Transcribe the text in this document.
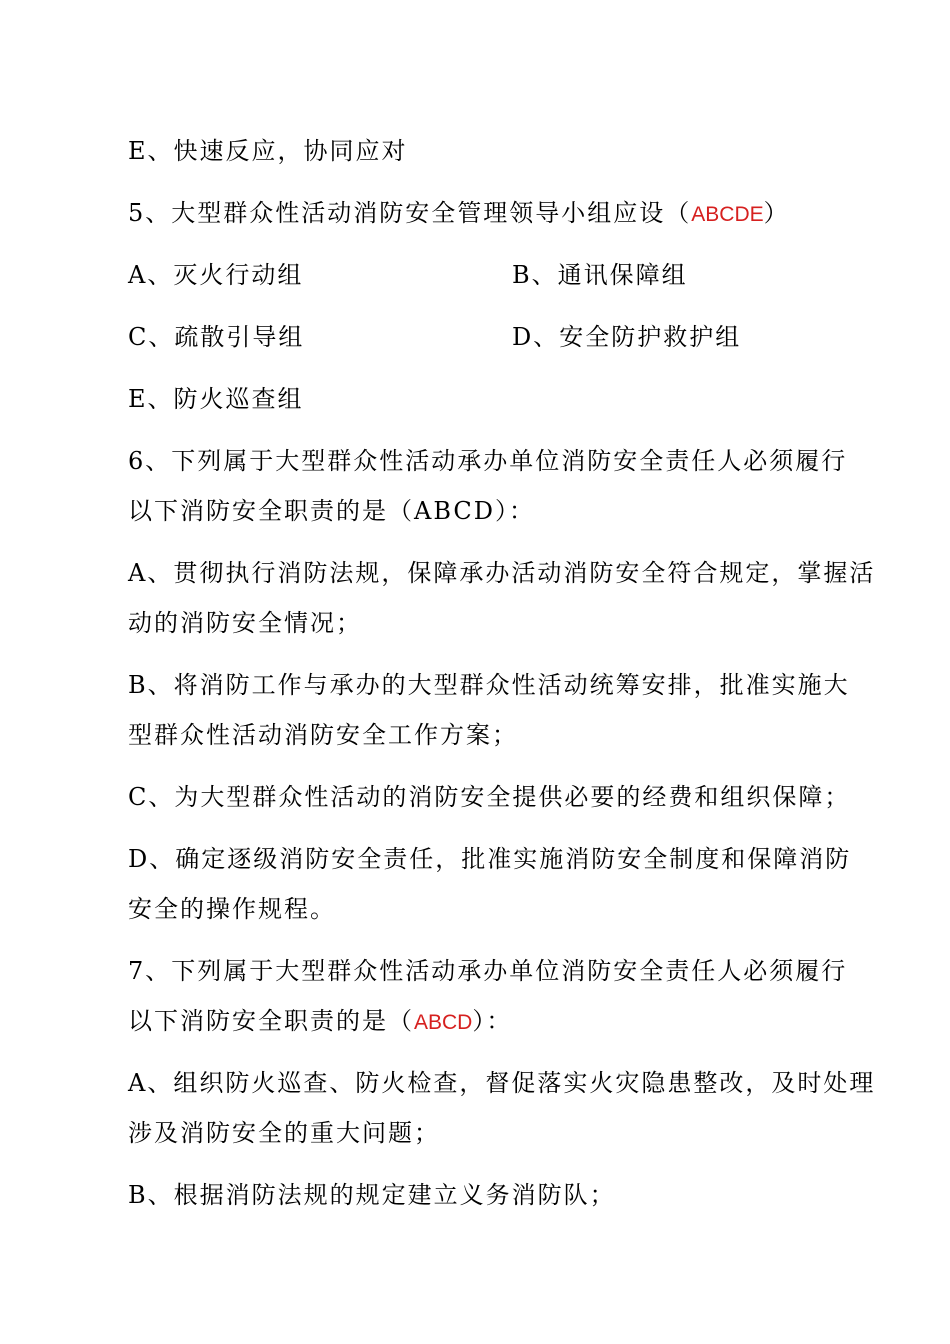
E、快速反应，协同应对
5、大型群众性活动消防安全管理领导小组应设（ABCDE）
A、灭火行动组	B、通讯保障组
C、疏散引导组	D、安全防护救护组
E、防火巡查组
6、下列属于大型群众性活动承办单位消防安全责任人必须履行
以下消防安全职责的是（ABCD）：
A、贯彻执行消防法规，保障承办活动消防安全符合规定，掌握活
动的消防安全情况；
B、将消防工作与承办的大型群众性活动统筹安排，批准实施大
型群众性活动消防安全工作方案；
C、为大型群众性活动的消防安全提供必要的经费和组织保障；
D、确定逐级消防安全责任，批准实施消防安全制度和保障消防
安全的操作规程。
7、下列属于大型群众性活动承办单位消防安全责任人必须履行
以下消防安全职责的是（ABCD）：
A、组织防火巡查、防火检查，督促落实火灾隐患整改，及时处理
涉及消防安全的重大问题；
B、根据消防法规的规定建立义务消防队；
